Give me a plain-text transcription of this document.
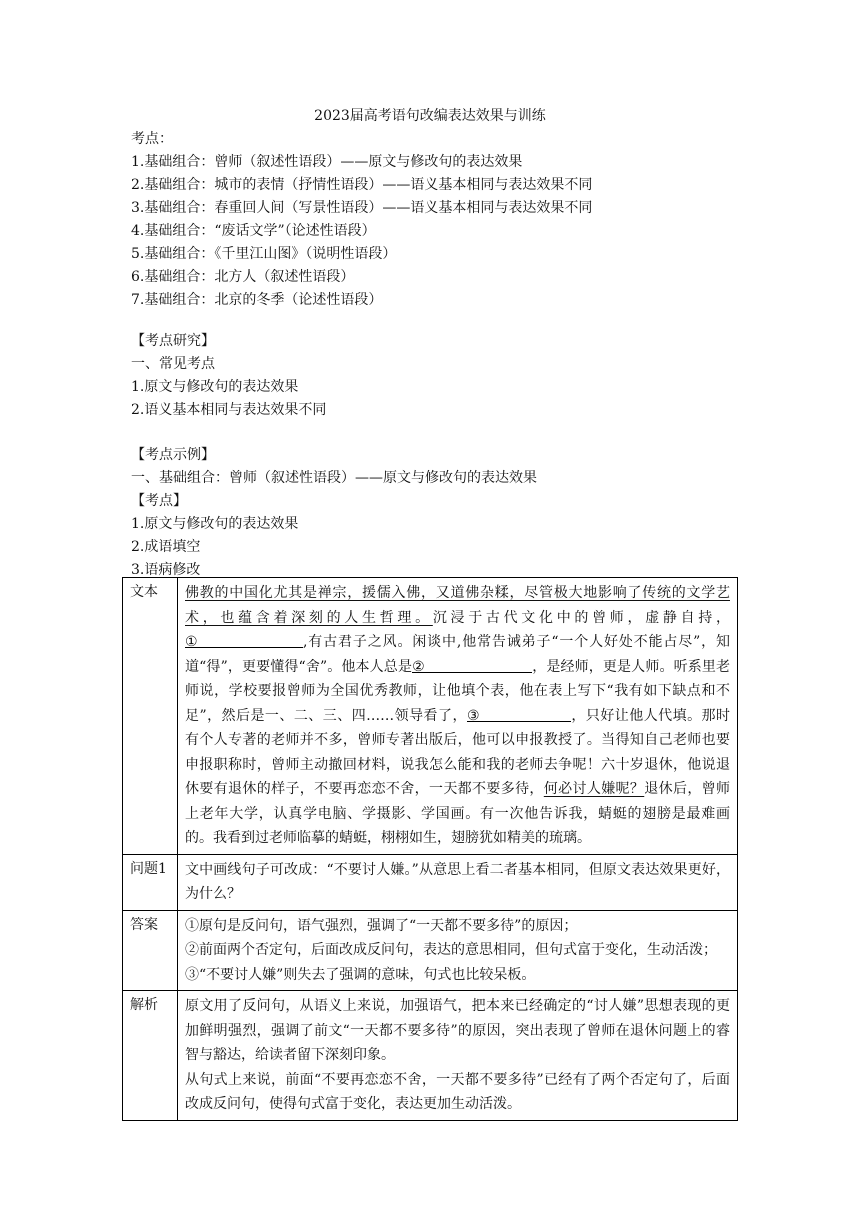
2023届高考语句改编表达效果与训练
考点：
1.基础组合：曾师（叙述性语段）——原文与修改句的表达效果
2.基础组合：城市的表情（抒情性语段）——语义基本相同与表达效果不同
3.基础组合：春重回人间（写景性语段）——语义基本相同与表达效果不同
4.基础组合：“废话文学”（论述性语段）
5.基础组合：《千里江山图》（说明性语段）
6.基础组合：北方人（叙述性语段）
7.基础组合：北京的冬季（论述性语段）
【考点研究】
一、常见考点
1.原文与修改句的表达效果
2.语义基本相同与表达效果不同
【考点示例】
一、基础组合：曾师（叙述性语段）——原文与修改句的表达效果
【考点】
1.原文与修改句的表达效果
2.成语填空
3.语病修改
文本	佛教的中国化尤其是禅宗，援儒入佛，又道佛杂糅，尽管极大地影响了传统的文学艺术，也蕴含着深刻的人生哲理。沉浸于古代文化中的曾师，虚静自持，① ,有古君子之风。闲谈中,他常告诫弟子“一个人好处不能占尽”，知道“得”，更要懂得“舍”。他本人总是② ，是经师，更是人师。听系里老师说，学校要报曾师为全国优秀教师，让他填个表，他在表上写下“我有如下缺点和不足”，然后是一、二、三、四……领导看了，③ ，只好让他人代填。那时有个人专著的老师并不多，曾师专著出版后，他可以申报教授了。当得知自己老师也要申报职称时，曾师主动撤回材料，说我怎么能和我的老师去争呢！六十岁退休，他说退休要有退休的样子，不要再恋恋不舍，一天都不要多待，何必讨人嫌呢？退休后，曾师上老年大学，认真学电脑、学摄影、学国画。有一次他告诉我，蜻蜓的翅膀是最难画的。我看到过老师临摹的蜻蜓，栩栩如生，翅膀犹如精美的琉璃。
问题1	文中画线句子可改成：“不要讨人嫌。”从意思上看二者基本相同，但原文表达效果更好，为什么？
答案	①原句是反问句，语气强烈，强调了“一天都不要多待”的原因；

②前面两个否定句，后面改成反问句，表达的意思相同，但句式富于变化，生动活泼；

③“不要讨人嫌”则失去了强调的意味，句式也比较呆板。

解析	原文用了反问句，从语义上来说，加强语气，把本来已经确定的“讨人嫌”思想表现的更加鲜明强烈，强调了前文“一天都不要多待”的原因，突出表现了曾师在退休问题上的睿智与豁达，给读者留下深刻印象。

从句式上来说，前面“不要再恋恋不舍，一天都不要多待”已经有了两个否定句了，后面改成反问句，使得句式富于变化，表达更加生动活泼。
